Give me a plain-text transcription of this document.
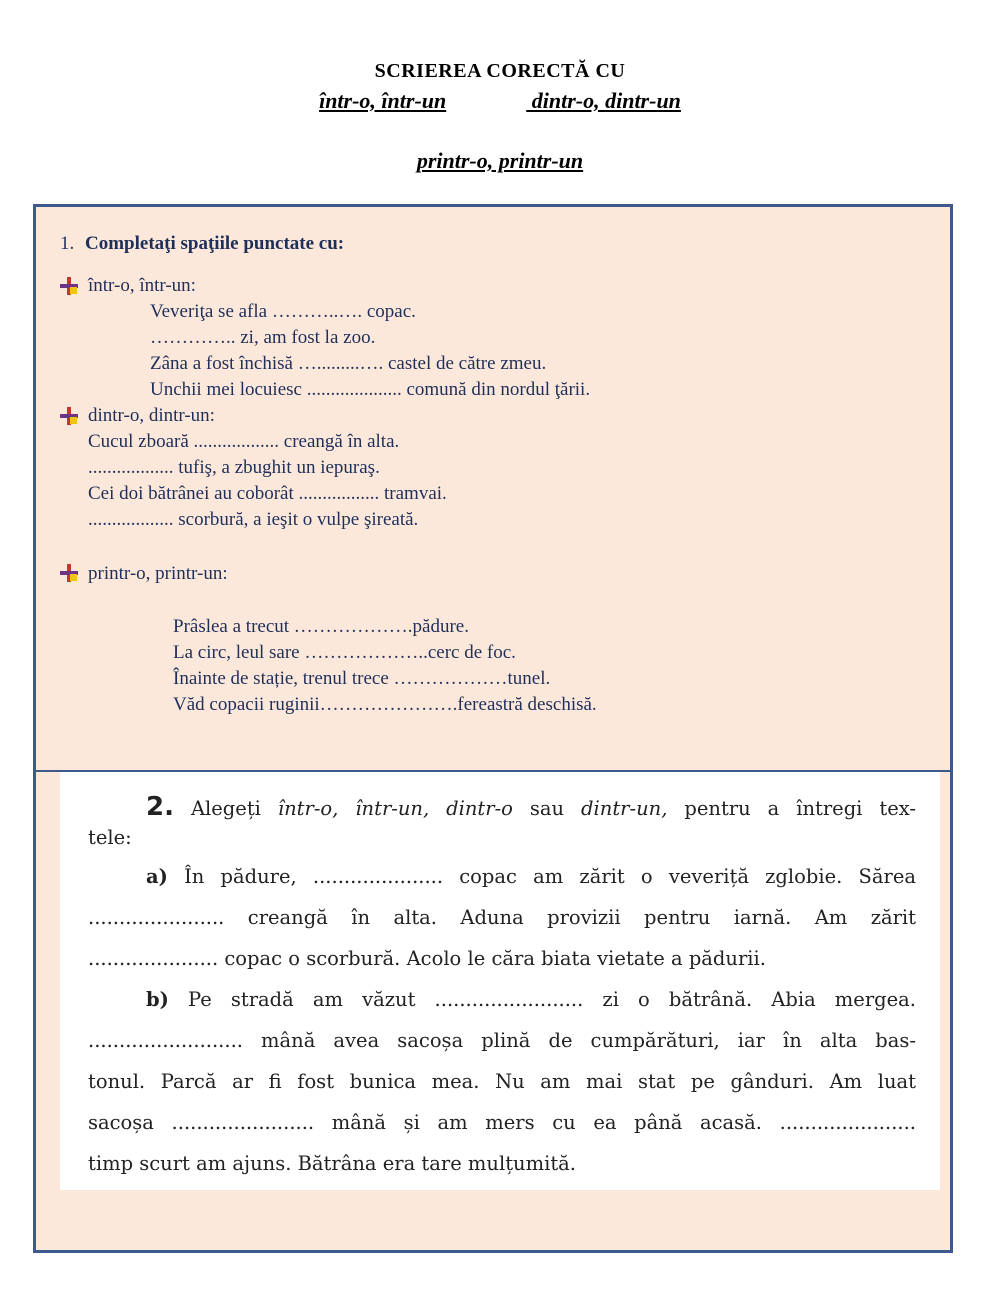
SCRIEREA CORECTĂ CU
într-o, într-un	dintr-o, dintr-un
printr-o, printr-un
1. Completaţi spaţiile punctate cu:
într-o, într-un:
Veveriţa se afla ………..…. copac.
………….. zi, am fost la zoo.
Zâna a fost închisă ….........…. castel de către zmeu.
Unchii mei locuiesc .................... comună din nordul ţării.
dintr-o, dintr-un:
Cucul zboară .................. creangă în alta.
.................. tufiş, a zbughit un iepuraş.
Cei doi bătrânei au coborât ................. tramvai.
.................. scorbură, a ieşit o vulpe şireată.
printr-o, printr-un:
Prâslea a trecut ……………….pădure.
La circ, leul sare ………………..cerc de foc.
Înainte de stație, trenul trece ………………tunel.
Văd copacii ruginii………………….fereastră deschisă.
2. Alegeți într-o, într-un, dintr-o sau dintr-un, pentru a întregi tex-
tele:
a) În pădure, ..................... copac am zărit o veveriță zglobie. Sărea
...................... creangă în alta. Aduna provizii pentru iarnă. Am zărit
..................... copac o scorbură. Acolo le căra biata vietate a pădurii.
b) Pe stradă am văzut ........................ zi o bătrână. Abia mergea.
......................... mână avea sacoșa plină de cumpărături, iar în alta bas-
tonul. Parcă ar fi fost bunica mea. Nu am mai stat pe gânduri. Am luat
sacoșa ....................... mână și am mers cu ea până acasă. ......................
timp scurt am ajuns. Bătrâna era tare mulțumită.
